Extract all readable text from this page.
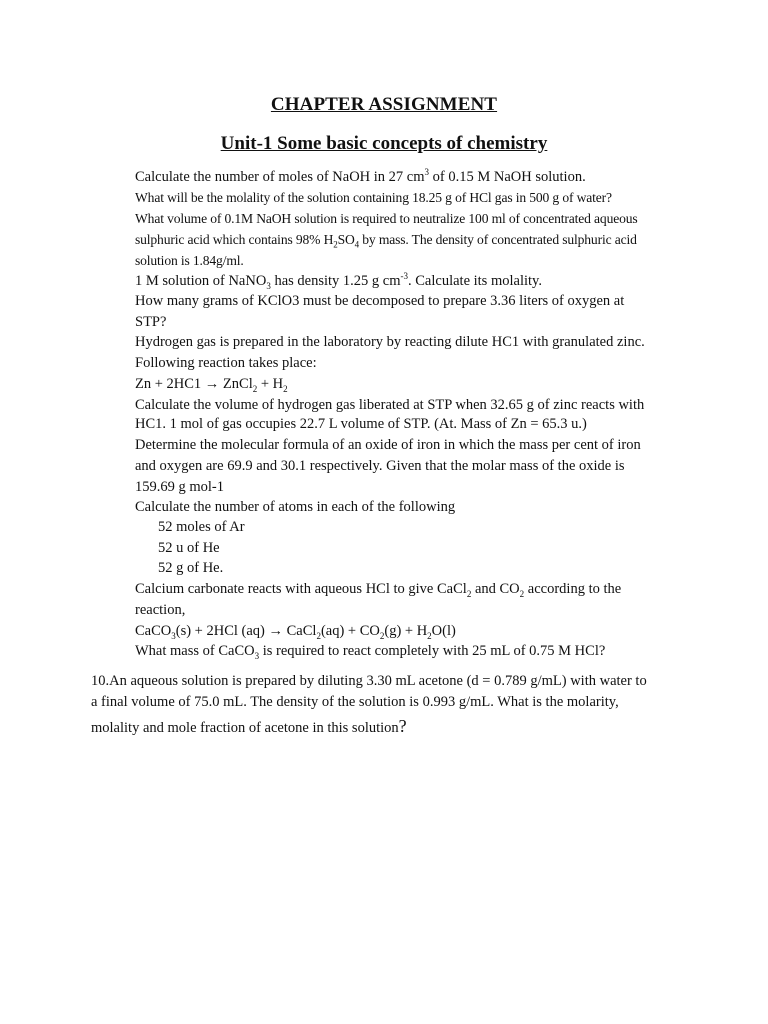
CHAPTER ASSIGNMENT
Unit-1 Some basic concepts of chemistry
Calculate the number of moles of NaOH in 27 $cm^3$ of 0.15 M NaOH solution.
What will be the molality of the solution containing 18.25 g of HCl gas in 500 g of water?
What volume of 0.1M NaOH solution is required to neutralize 100 ml of concentrated aqueous
sulphuric acid which contains 98% $H_2SO_4$ by mass. The density of concentrated sulphuric acid
solution is 1.84g/ml.
1 M solution of NaNO$_3$ has density 1.25 g $cm^{-3}$. Calculate its molality.
How many grams of KClO3 must be decomposed to prepare 3.36 liters of oxygen at
STP?
Hydrogen gas is prepared in the laboratory by reacting dilute HC1 with granulated zinc.
Following reaction takes place:
Zn + 2HC1 → ZnCl$_2$ + $H_2$
Calculate the volume of hydrogen gas liberated at STP when 32.65 g of zinc reacts with
HC1. 1 mol of gas occupies 22.7 L volume of STP. (At. Mass of Zn = 65.3 u.)
Determine the molecular formula of an oxide of iron in which the mass per cent of iron
and oxygen are 69.9 and 30.1 respectively. Given that the molar mass of the oxide is
159.69 g mol-1
Calculate the number of atoms in each of the following
52 moles of Ar
52 u of He
52 g of He.
Calcium carbonate reacts with aqueous HCl to give CaCl$_2$ and $CO_2$ according to the
reaction,
CaCO$_3$(s) + 2HCl (aq) → CaCl$_2$(aq) + $CO_2(g) + H_2O(l)$
What mass of CaCO$_3$ is required to react completely with 25 mL of 0.75 M HCl?
10.An aqueous solution is prepared by diluting 3.30 mL acetone (d = 0.789 g/mL) with water to
a final volume of 75.0 mL. The density of the solution is 0.993 g/mL. What is the molarity,
molality and mole fraction of acetone in this solution?
